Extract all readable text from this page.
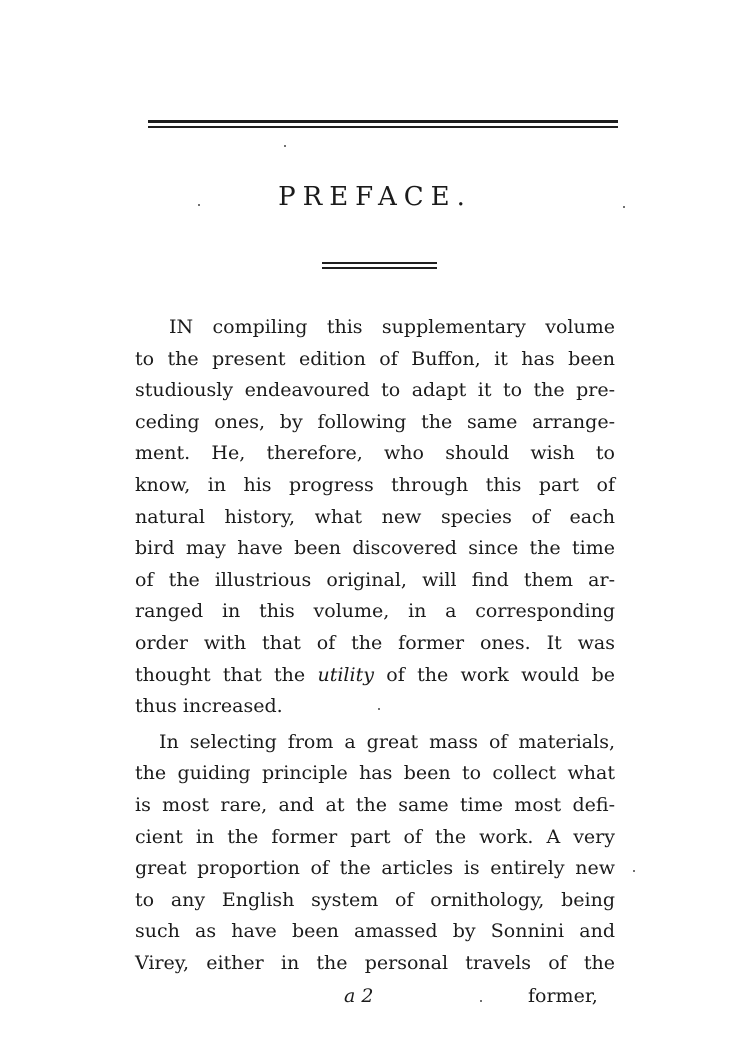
PREFACE.
IN compiling this supplementary volume
to the present edition of Buffon, it has been
studiously endeavoured to adapt it to the pre-
ceding ones, by following the same arrange-
ment. He, therefore, who should wish to
know, in his progress through this part of
natural history, what new species of each
bird may have been discovered since the time
of the illustrious original, will find them ar-
ranged in this volume, in a corresponding
order with that of the former ones. It was
thought that the utility of the work would be
thus increased.
In selecting from a great mass of materials,
the guiding principle has been to collect what
is most rare, and at the same time most defi-
cient in the former part of the work. A very
great proportion of the articles is entirely new
to any English system of ornithology, being
such as have been amassed by Sonnini and
Virey, either in the personal travels of the
a 2	former,
